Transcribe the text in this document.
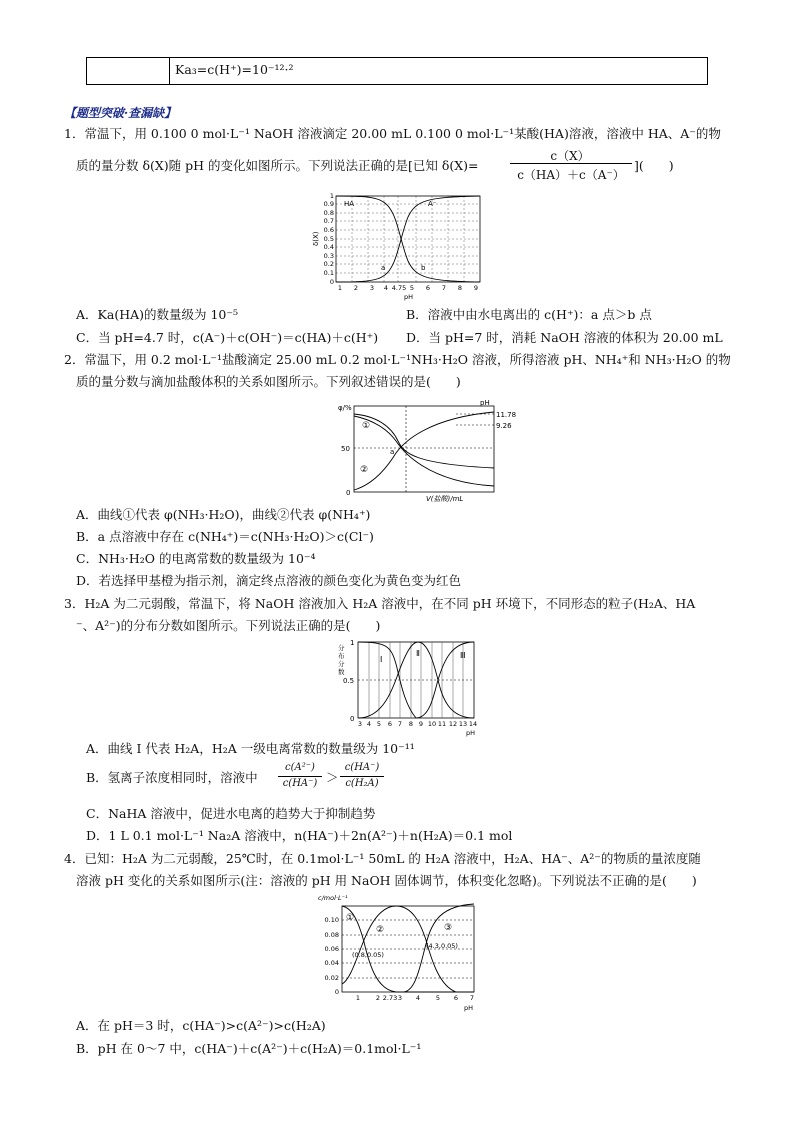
Ka₃=c(H⁺)=10⁻¹²·²
【题型突破·查漏缺】
1．常温下，用 0.100 0 mol·L⁻¹ NaOH 溶液滴定 20.00 mL 0.100 0 mol·L⁻¹某酸(HA)溶液，溶液中 HA、A⁻的物
质的量分数 δ(X)随 pH 的变化如图所示。下列说法正确的是[已知 δ(X)=
c（X）
c（HA）＋c（A⁻）
](　　)
HA	A⁻
a	b
δ(X)
0
0.1
0.2
0.3
0.4
0.5
0.6
0.7
0.8
0.9
1
1 2 3 4 4.75 5 6 7 8 9
pH
A．Ka(HA)的数量级为 10⁻⁵	B．溶液中由水电离出的 c(H⁺)：a 点＞b 点
C．当 pH=4.7 时，c(A⁻)＋c(OH⁻)＝c(HA)＋c(H⁺) D．当 pH=7 时，消耗 NaOH 溶液的体积为 20.00 mL
2．常温下，用 0.2 mol·L⁻¹盐酸滴定 25.00 mL 0.2 mol·L⁻¹NH₃·H₂O 溶液，所得溶液 pH、NH₄⁺和 NH₃·H₂O 的物
质的量分数与滴加盐酸体积的关系如图所示。下列叙述错误的是(　　)
φ/%
50
0
pH
11.78
9.26
①
②
a
V(盐酸)/mL
A．曲线①代表 φ(NH₃·H₂O)，曲线②代表 φ(NH₄⁺)
B．a 点溶液中存在 c(NH₄⁺)＝c(NH₃·H₂O)＞c(Cl⁻)
C．NH₃·H₂O 的电离常数的数量级为 10⁻⁴
D．若选择甲基橙为指示剂，滴定终点溶液的颜色变化为黄色变为红色
3．H₂A 为二元弱酸，常温下，将 NaOH 溶液加入 H₂A 溶液中，在不同 pH 环境下，不同形态的粒子(H₂A、HA
⁻、A²⁻)的分布分数如图所示。下列说法正确的是(　　)
分
布
分
数
1
0.5
0
Ⅰ
Ⅱ	Ⅲ
3 4 5 6 7 8 9 10 11 12 13 14
pH
A．曲线 I 代表 H₂A，H₂A 一级电离常数的数量级为 10⁻¹¹
B．氢离子浓度相同时，溶液中
c(A²⁻)
c(HA⁻) ＞
c(HA⁻)
c(H₂A)
C．NaHA 溶液中，促进水电离的趋势大于抑制趋势
D．1 L 0.1 mol·L⁻¹ Na₂A 溶液中，n(HA⁻)＋2n(A²⁻)＋n(H₂A)＝0.1 mol
4．已知：H₂A 为二元弱酸，25℃时，在 0.1mol·L⁻¹ 50mL 的 H₂A 溶液中，H₂A、HA⁻、A²⁻的物质的量浓度随
溶液 pH 变化的关系如图所示(注：溶液的 pH 用 NaOH 固体调节，体积变化忽略)。下列说法不正确的是(　　)
c/mol·L⁻¹
0
0.02
0.04
0.06
0.08
0.10 ①
②	③
(0.8,0.05)
(4.3,0.05)
1 2 2.73 3 4 5 6 7
pH
A．在 pH＝3 时，c(HA⁻)>c(A²⁻)>c(H₂A)
B．pH 在 0～7 中，c(HA⁻)＋c(A²⁻)＋c(H₂A)＝0.1mol·L⁻¹
